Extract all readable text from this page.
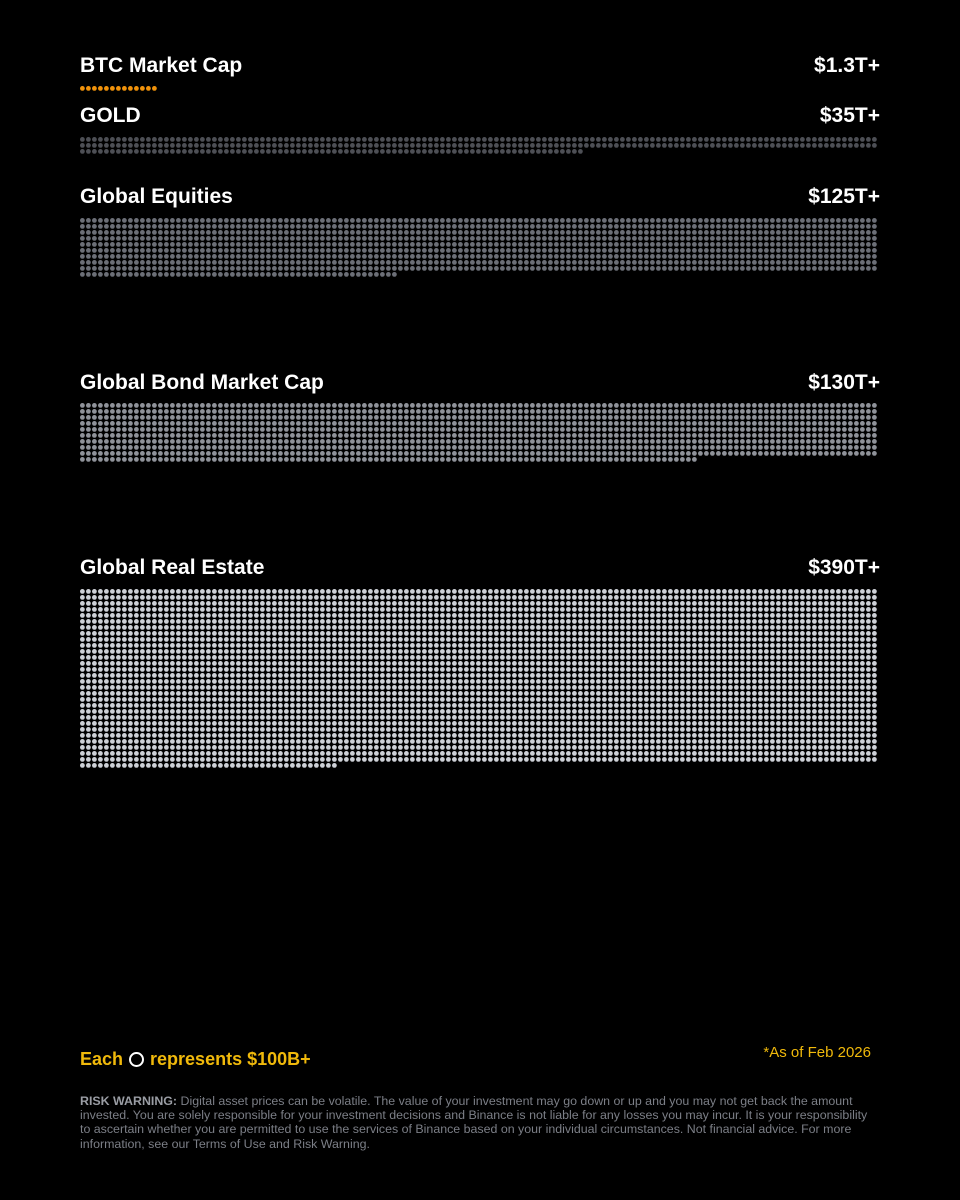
BTC Market Cap	$1.3T+
GOLD	$35T+
Global Equities	$125T+
Global Bond Market Cap	$130T+
Global Real Estate	$390T+
Each represents $100B+	*As of Feb 2026
RISK WARNING: Digital asset prices can be volatile. The value of your investment may go down or up and you may not get back the amount invested. You are solely responsible for your investment decisions and Binance is not liable for any losses you may incur. It is your responsibility to ascertain whether you are permitted to use the services of Binance based on your individual circumstances. Not financial advice. For more information, see our Terms of Use and Risk Warning.
